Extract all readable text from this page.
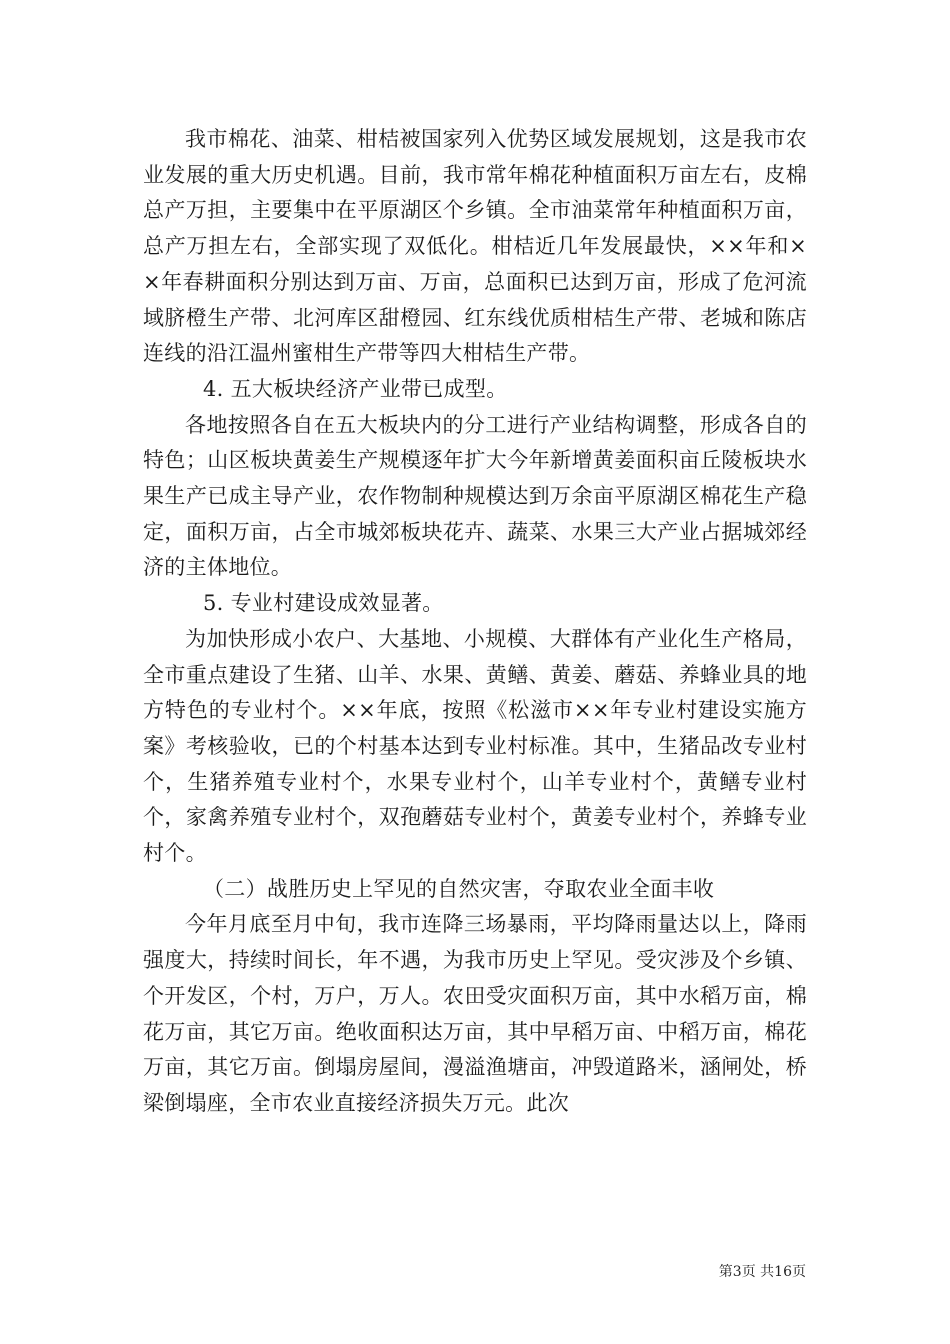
我市棉花、油菜、柑桔被国家列入优势区域发展规划，这是我市农业发展的重大历史机遇。目前，我市常年棉花种植面积万亩左右，皮棉总产万担，主要集中在平原湖区个乡镇。全市油菜常年种植面积万亩，总产万担左右，全部实现了双低化。柑桔近几年发展最快，××年和××年春耕面积分别达到万亩、万亩，总面积已达到万亩，形成了危河流域脐橙生产带、北河库区甜橙园、红东线优质柑桔生产带、老城和陈店连线的沿江温州蜜柑生产带等四大柑桔生产带。

4. 五大板块经济产业带已成型。

各地按照各自在五大板块内的分工进行产业结构调整，形成各自的特色；山区板块黄姜生产规模逐年扩大今年新增黄姜面积亩丘陵板块水果生产已成主导产业，农作物制种规模达到万余亩平原湖区棉花生产稳定，面积万亩，占全市城郊板块花卉、蔬菜、水果三大产业占据城郊经济的主体地位。

5. 专业村建设成效显著。

为加快形成小农户、大基地、小规模、大群体有产业化生产格局，全市重点建设了生猪、山羊、水果、黄鳝、黄姜、蘑菇、养蜂业具的地方特色的专业村个。××年底，按照《松滋市××年专业村建设实施方案》考核验收，已的个村基本达到专业村标准。其中，生猪品改专业村个，生猪养殖专业村个，水果专业村个，山羊专业村个，黄鳝专业村个，家禽养殖专业村个，双孢蘑菇专业村个，黄姜专业村个，养蜂专业村个。

（二）战胜历史上罕见的自然灾害，夺取农业全面丰收

今年月底至月中旬，我市连降三场暴雨，平均降雨量达以上，降雨强度大，持续时间长，年不遇，为我市历史上罕见。受灾涉及个乡镇、个开发区，个村，万户，万人。农田受灾面积万亩，其中水稻万亩，棉花万亩，其它万亩。绝收面积达万亩，其中早稻万亩、中稻万亩，棉花万亩，其它万亩。倒塌房屋间，漫溢渔塘亩，冲毁道路米，涵闸处，桥梁倒塌座，全市农业直接经济损失万元。此次

第3页 共16页
